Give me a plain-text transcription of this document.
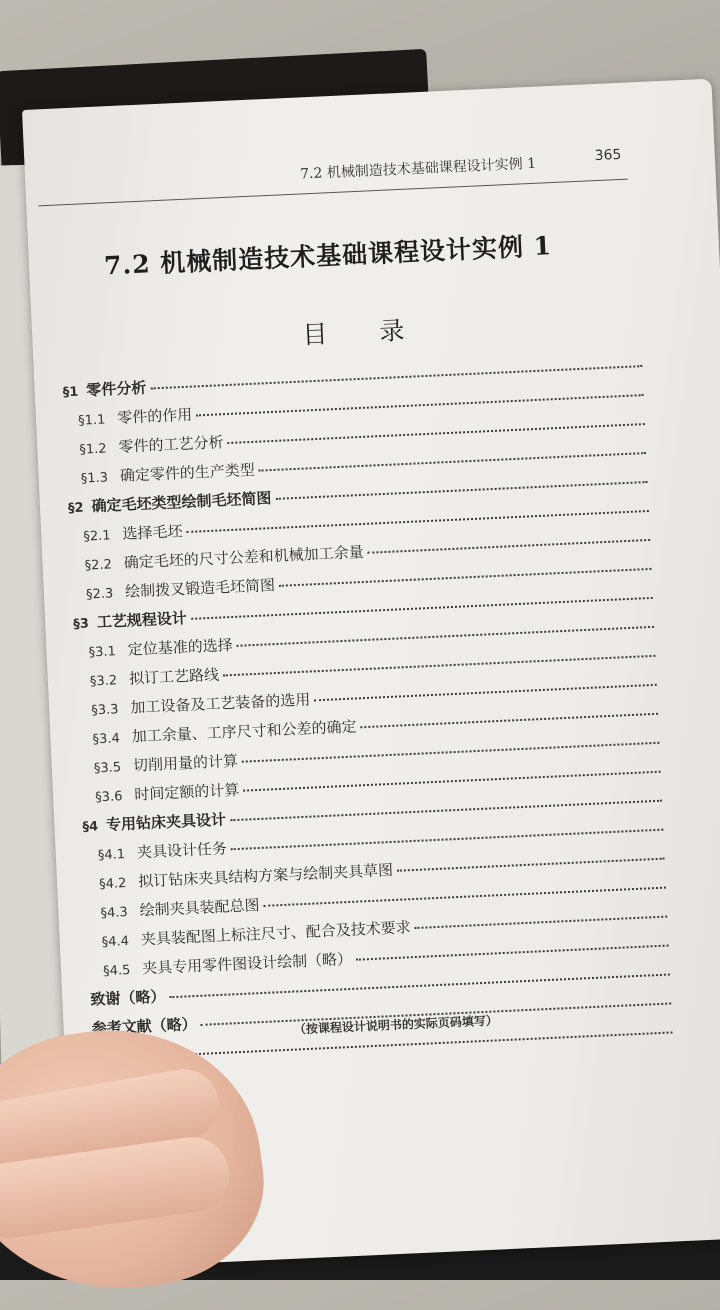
7.2 机械制造技术基础课程设计实例 1
365
7.2 机械制造技术基础课程设计实例 1
目 录
§1 零件分析
§1.1 零件的作用
§1.2 零件的工艺分析
§1.3 确定零件的生产类型
§2 确定毛坯类型绘制毛坯简图
§2.1 选择毛坯
§2.2 确定毛坯的尺寸公差和机械加工余量
§2.3 绘制拨叉锻造毛坯简图
§3 工艺规程设计
§3.1 定位基准的选择
§3.2 拟订工艺路线
§3.3 加工设备及工艺装备的选用
§3.4 加工余量、工序尺寸和公差的确定
§3.5 切削用量的计算
§3.6 时间定额的计算
§4 专用钻床夹具设计
§4.1 夹具设计任务
§4.2 拟订钻床夹具结构方案与绘制夹具草图
§4.3 绘制夹具装配总图
§4.4 夹具装配图上标注尺寸、配合及技术要求
§4.5 夹具专用零件图设计绘制（略）
致谢（略）
参考文献（略）	（按课程设计说明书的实际页码填写）
